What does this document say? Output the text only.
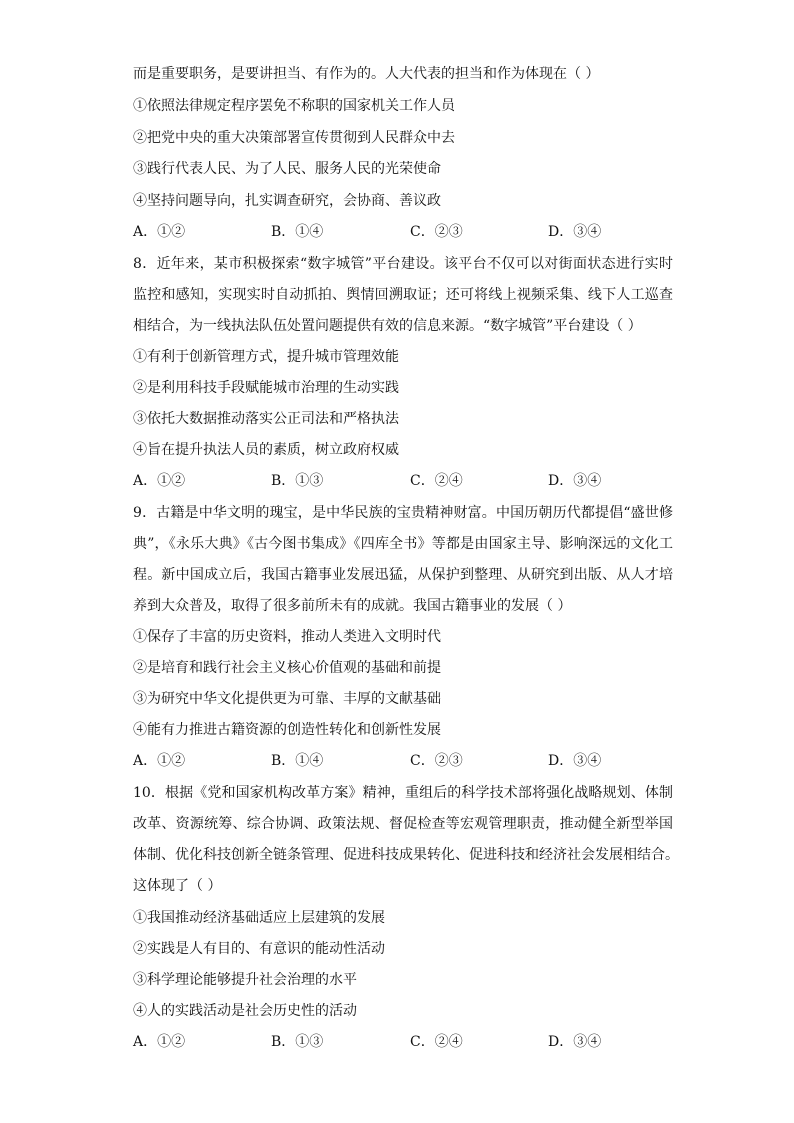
而是重要职务，是要讲担当、有作为的。人大代表的担当和作为体现在（ ）
①依照法律规定程序罢免不称职的国家机关工作人员
②把党中央的重大决策部署宣传贯彻到人民群众中去
③践行代表人民、为了人民、服务人民的光荣使命
④坚持问题导向，扎实调查研究，会协商、善议政
A．①②	B．①④	C．②③	D．③④
8．近年来，某市积极探索“数字城管”平台建设。该平台不仅可以对街面状态进行实时
监控和感知，实现实时自动抓拍、舆情回溯取证；还可将线上视频采集、线下人工巡查
相结合，为一线执法队伍处置问题提供有效的信息来源。“数字城管”平台建设（ ）
①有利于创新管理方式，提升城市管理效能
②是利用科技手段赋能城市治理的生动实践
③依托大数据推动落实公正司法和严格执法
④旨在提升执法人员的素质，树立政府权威
A．①②	B．①③	C．②④	D．③④
9．古籍是中华文明的瑰宝，是中华民族的宝贵精神财富。中国历朝历代都提倡“盛世修
典”，《永乐大典》《古今图书集成》《四库全书》等都是由国家主导、影响深远的文化工
程。新中国成立后，我国古籍事业发展迅猛，从保护到整理、从研究到出版、从人才培
养到大众普及，取得了很多前所未有的成就。我国古籍事业的发展（ ）
①保存了丰富的历史资料，推动人类进入文明时代
②是培育和践行社会主义核心价值观的基础和前提
③为研究中华文化提供更为可靠、丰厚的文献基础
④能有力推进古籍资源的创造性转化和创新性发展
A．①②	B．①④	C．②③	D．③④
10．根据《党和国家机构改革方案》精神，重组后的科学技术部将强化战略规划、体制
改革、资源统筹、综合协调、政策法规、督促检查等宏观管理职责，推动健全新型举国
体制、优化科技创新全链条管理、促进科技成果转化、促进科技和经济社会发展相结合。
这体现了（ ）
①我国推动经济基础适应上层建筑的发展
②实践是人有目的、有意识的能动性活动
③科学理论能够提升社会治理的水平
④人的实践活动是社会历史性的活动
A．①②	B．①③	C．②④	D．③④
